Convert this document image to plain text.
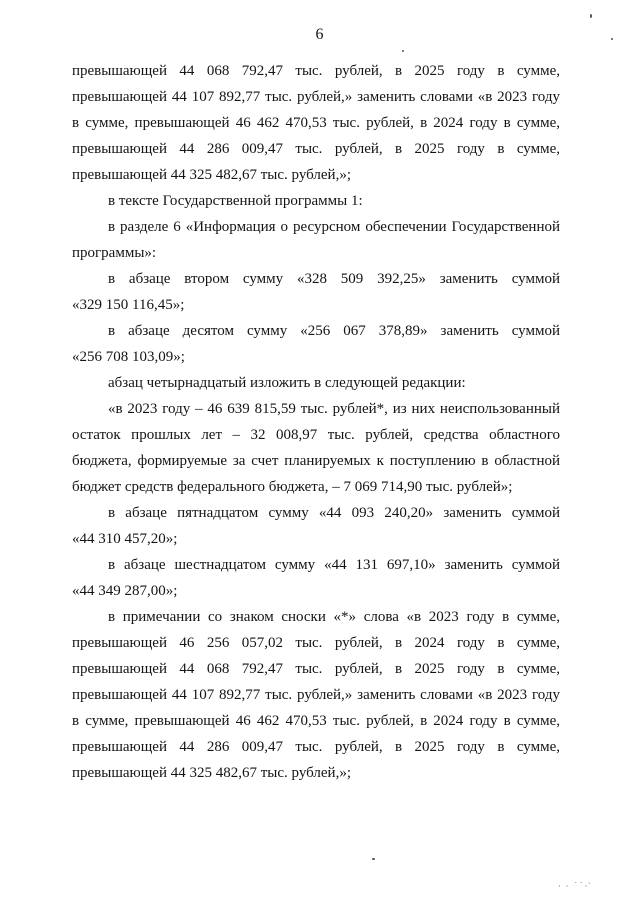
6

превышающей 44 068 792,47 тыс. рублей, в 2025 году в сумме,

превышающей 44 107 892,77 тыс. рублей,» заменить словами «в 2023 году

в сумме, превышающей 46 462 470,53 тыс. рублей, в 2024 году в сумме,

превышающей 44 286 009,47 тыс. рублей, в 2025 году в сумме,

превышающей 44 325 482,67 тыс. рублей,»;

в тексте Государственной программы 1:

в разделе 6 «Информация о ресурсном обеспечении Государственной

программы»:

в абзаце втором сумму «328 509 392,25» заменить суммой

«329 150 116,45»;

в абзаце десятом сумму «256 067 378,89» заменить суммой

«256 708 103,09»;

абзац четырнадцатый изложить в следующей редакции:

«в 2023 году – 46 639 815,59 тыс. рублей*, из них неиспользованный

остаток прошлых лет – 32 008,97 тыс. рублей, средства областного

бюджета, формируемые за счет планируемых к поступлению в областной

бюджет средств федерального бюджета, – 7 069 714,90 тыс. рублей»;

в абзаце пятнадцатом сумму «44 093 240,20» заменить суммой

«44 310 457,20»;

в абзаце шестнадцатом сумму «44 131 697,10» заменить суммой

«44 349 287,00»;

в примечании со знаком сноски «*» слова «в 2023 году в сумме,

превышающей 46 256 057,02 тыс. рублей, в 2024 году в сумме,

превышающей 44 068 792,47 тыс. рублей, в 2025 году в сумме,

превышающей 44 107 892,77 тыс. рублей,» заменить словами «в 2023 году

в сумме, превышающей 46 462 470,53 тыс. рублей, в 2024 году в сумме,

превышающей 44 286 009,47 тыс. рублей, в 2025 году в сумме,

превышающей 44 325 482,67 тыс. рублей,»;

· · ˙˙·‵
